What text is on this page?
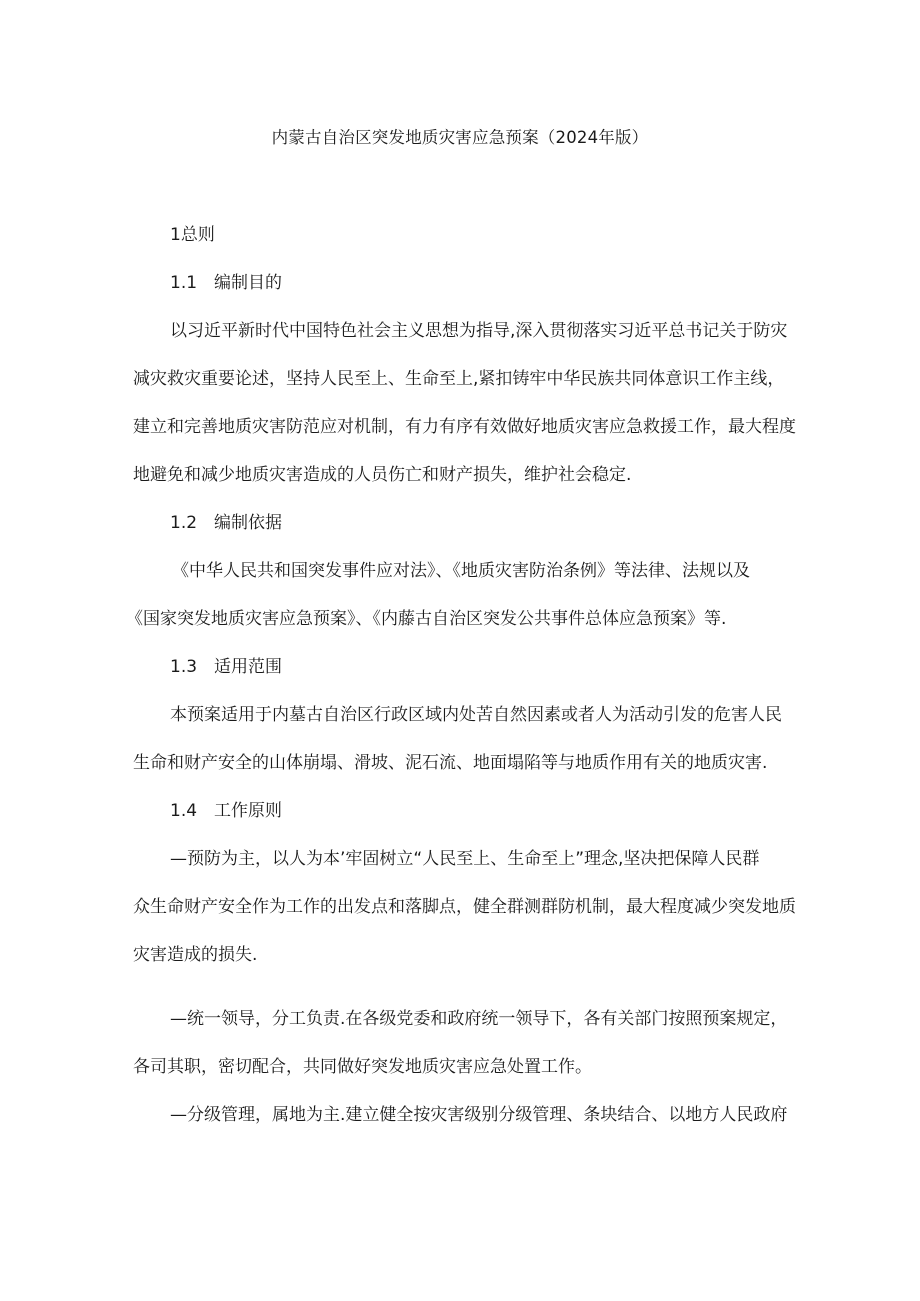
内蒙古自治区突发地质灾害应急预案（2024年版）
1总则
1.1 编制目的
以习近平新时代中国特色社会主义思想为指导,深入贯彻落实习近平总书记关于防灾
减灾救灾重要论述，坚持人民至上、生命至上,紧扣铸牢中华民族共同体意识工作主线，
建立和完善地质灾害防范应对机制，有力有序有效做好地质灾害应急救援工作，最大程度
地避免和减少地质灾害造成的人员伤亡和财产损失，维护社会稳定.
1.2 编制依据
《中华人民共和国突发事件应对法》、《地质灾害防治条例》等法律、法规以及
《国家突发地质灾害应急预案》、《内藤古自治区突发公共事件总体应急预案》等.
1.3 适用范围
本预案适用于内墓古自治区行政区域内处苦自然因素或者人为活动引发的危害人民
生命和财产安全的山体崩塌、滑坡、泥石流、地面塌陷等与地质作用有关的地质灾害.
1.4 工作原则
—预防为主，以人为本’牢固树立“人民至上、生命至上”理念,坚决把保障人民群
众生命财产安全作为工作的出发点和落脚点，健全群测群防机制，最大程度减少突发地质
灾害造成的损失.
—统一领导，分工负责.在各级党委和政府统一领导下，各有关部门按照预案规定，
各司其职，密切配合，共同做好突发地质灾害应急处置工作。
—分级管理，属地为主.建立健全按灾害级别分级管理、条块结合、以地方人民政府
